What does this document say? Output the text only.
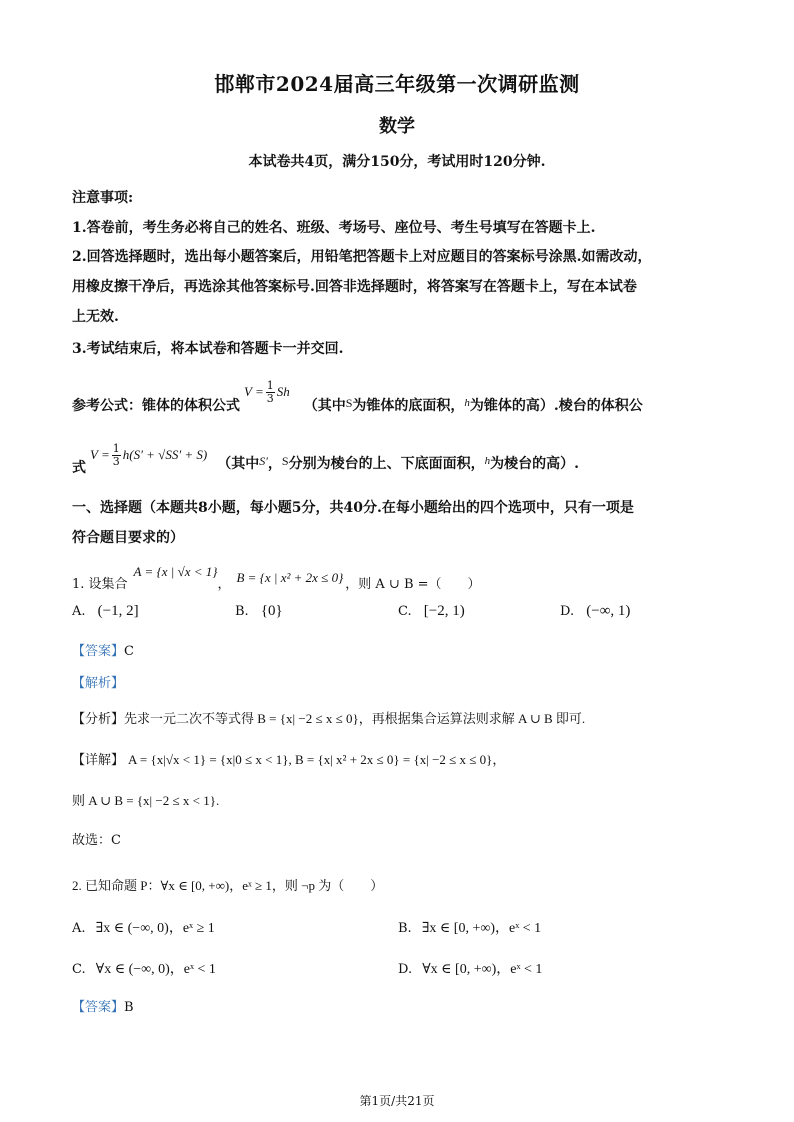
邯郸市2024届高三年级第一次调研监测
数学
本试卷共4页，满分150分，考试用时120分钟.
注意事项:
1.答卷前，考生务必将自己的姓名、班级、考场号、座位号、考生号填写在答题卡上.
2.回答选择题时，选出每小题答案后，用铅笔把答题卡上对应题目的答案标号涂黑.如需改动，
用橡皮擦干净后，再选涂其他答案标号.回答非选择题时，将答案写在答题卡上，写在本试卷
上无效.
3.考试结束后，将本试卷和答题卡一并交回.
参考公式：锥体的体积公式
$V = \frac{1}{3}$ Sh
（其中 S 为锥体的底面积， h 为锥体的高）.棱台的体积公
式
$V = \frac{1}{3} h(S' + √SS' + S)$
（其中 S′ ， S 分别为棱台的上、下底面面积， h 为棱台的高）.
一、选择题（本题共8小题，每小题5分，共40分.在每小题给出的四个选项中，只有一项是
符合题目要求的）
1. 设集合
A = {x | √x < 1}
， B = {x | x² + 2x ≤ 0} ，则 A ∪ B =（　　）
A. (−1, 2]	B. {0}	C. [−2, 1)	D. (−∞, 1)
【答案】C
【解析】
【分析】先求一元二次不等式得 B = {x| −2 ≤ x ≤ 0}，再根据集合运算法则求解 A ∪ B 即可.
【详解】 A = {x|√x < 1} = {x|0 ≤ x < 1}, B = {x| x² + 2x ≤ 0} = {x| −2 ≤ x ≤ 0}，
则 A ∪ B = {x| −2 ≤ x < 1}.
故选：C
2. 已知命题 P：∀x ∈ [0, +∞)，eˣ ≥ 1，则 ¬p 为（　　）
A. ∃x ∈ (−∞, 0)，eˣ ≥ 1	B. ∃x ∈ [0, +∞)，eˣ < 1
C. ∀x ∈ (−∞, 0)，eˣ < 1	D. ∀x ∈ [0, +∞)，eˣ < 1
【答案】B
第1页/共21页
